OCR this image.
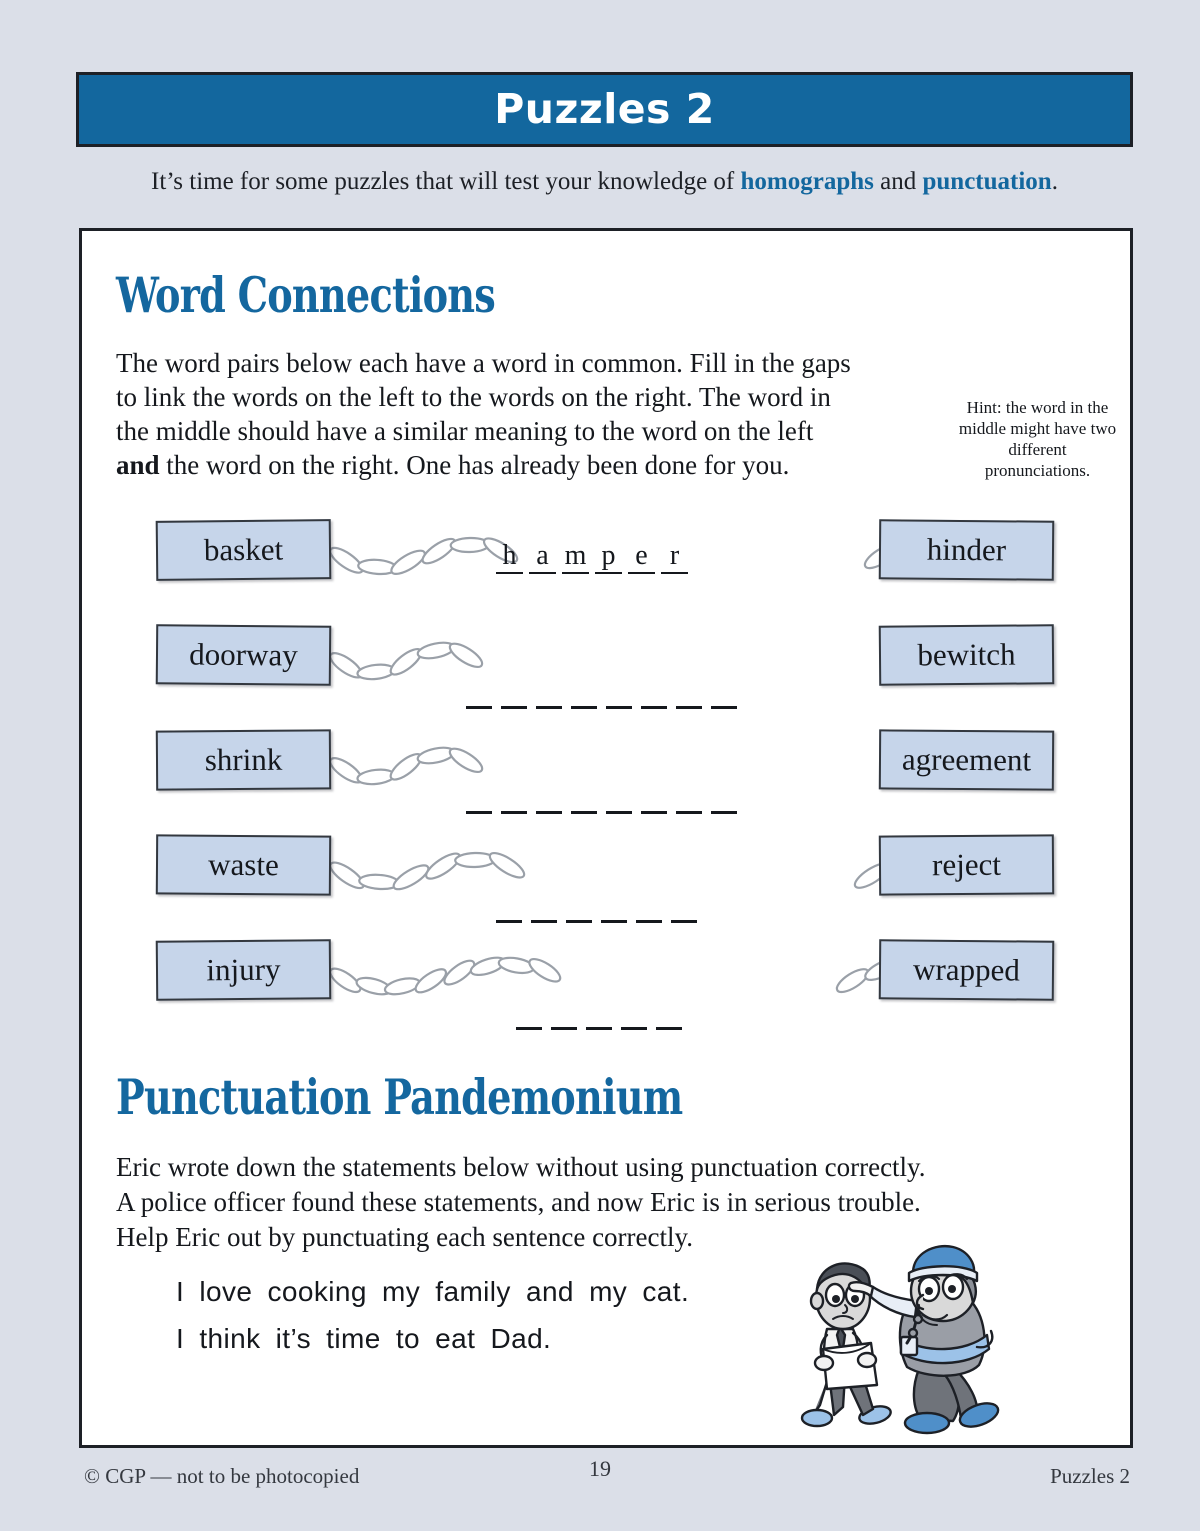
Puzzles 2
It’s time for some puzzles that will test your knowledge of homographs and punctuation.
Word Connections
The word pairs below each have a word in common. Fill in the gaps
to link the words on the left to the words on the right. The word in
the middle should have a similar meaning to the word on the left
and the word on the right. One has already been done for you.
Hint: the word in the middle might have two different pronunciations.
basket	hinder
h a m p e r
doorway	bewitch
shrink	agreement
waste	reject
injury	wrapped
Punctuation Pandemonium
Eric wrote down the statements below without using punctuation correctly.
A police officer found these statements, and now Eric is in serious trouble.
Help Eric out by punctuating each sentence correctly.
I love cooking my family and my cat.
I think it’s time to eat Dad.
© CGP — not to be photocopied	19	Puzzles 2
